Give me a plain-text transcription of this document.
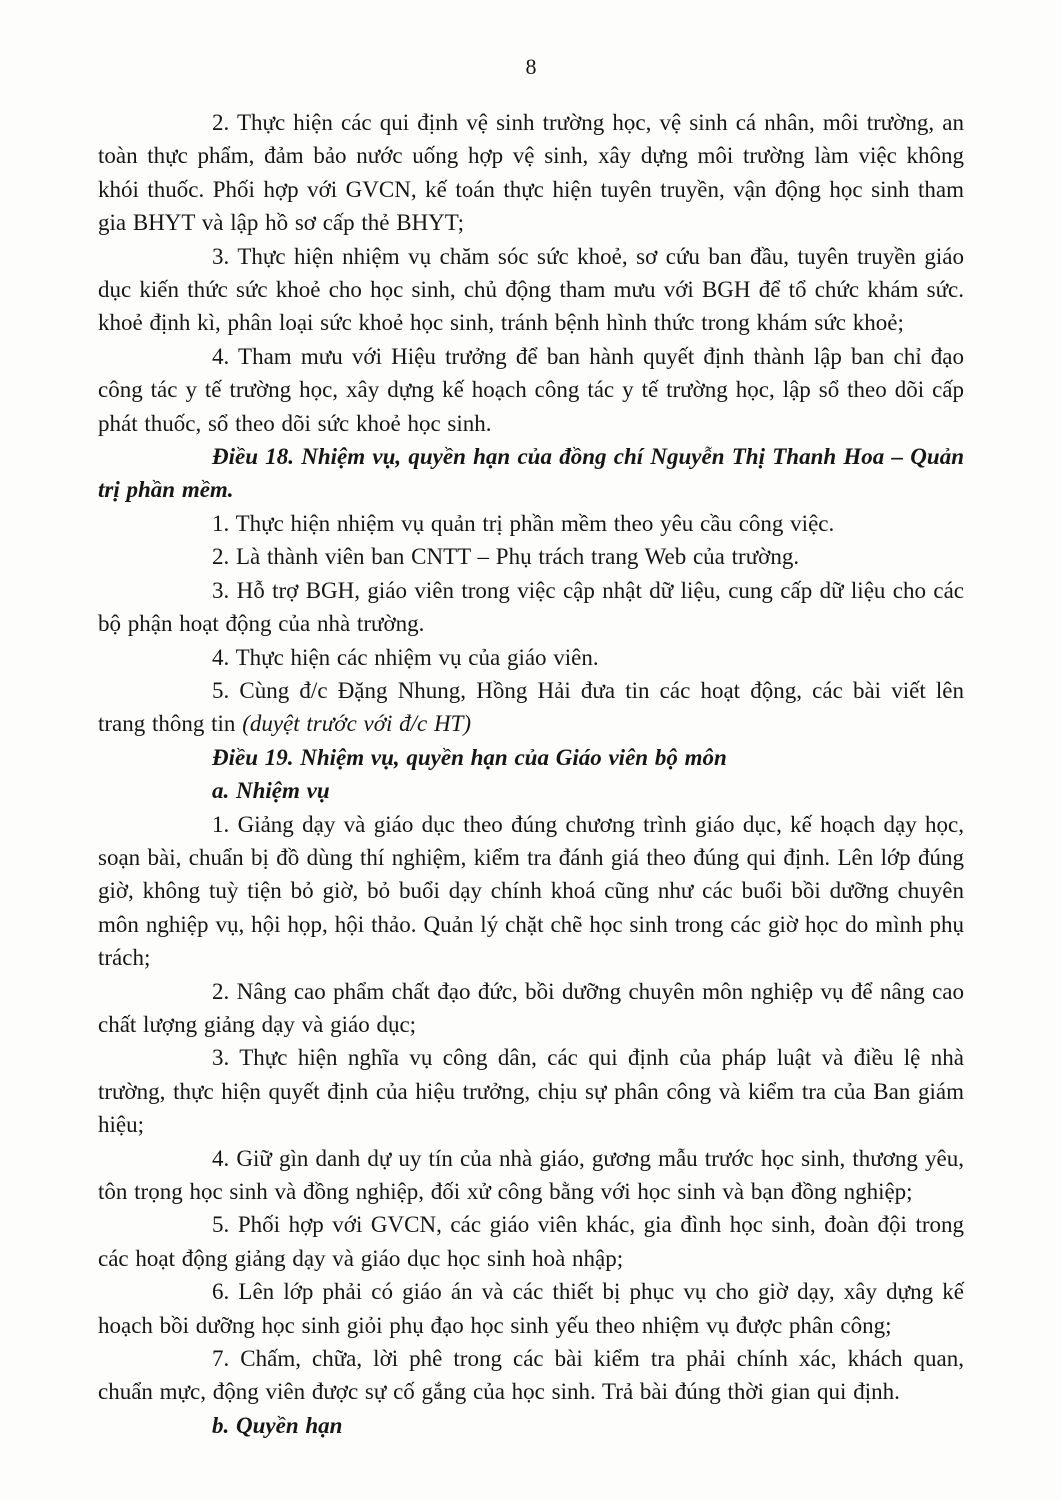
8

2. Thực hiện các qui định vệ sinh trường học, vệ sinh cá nhân, môi trường, an toàn thực phẩm, đảm bảo nước uống hợp vệ sinh, xây dựng môi trường làm việc không khói thuốc. Phối hợp với GVCN, kế toán thực hiện tuyên truyền, vận động học sinh tham gia BHYT và lập hồ sơ cấp thẻ BHYT;

3. Thực hiện nhiệm vụ chăm sóc sức khoẻ, sơ cứu ban đầu, tuyên truyền giáo dục kiến thức sức khoẻ cho học sinh, chủ động tham mưu với BGH để tổ chức khám sức. khoẻ định kì, phân loại sức khoẻ học sinh, tránh bệnh hình thức trong khám sức khoẻ;

4. Tham mưu với Hiệu trưởng để ban hành quyết định thành lập ban chỉ đạo công tác y tế trường học, xây dựng kế hoạch công tác y tế trường học, lập sổ theo dõi cấp phát thuốc, sổ theo dõi sức khoẻ học sinh.

Điều 18. Nhiệm vụ, quyền hạn của đồng chí Nguyễn Thị Thanh Hoa – Quản trị phần mềm.

1. Thực hiện nhiệm vụ quản trị phần mềm theo yêu cầu công việc.

2. Là thành viên ban CNTT – Phụ trách trang Web của trường.

3. Hỗ trợ BGH, giáo viên trong việc cập nhật dữ liệu, cung cấp dữ liệu cho các bộ phận hoạt động của nhà trường.

4. Thực hiện các nhiệm vụ của giáo viên.

5. Cùng đ/c Đặng Nhung, Hồng Hải đưa tin các hoạt động, các bài viết lên trang thông tin (duyệt trước với đ/c HT)

Điều 19. Nhiệm vụ, quyền hạn của Giáo viên bộ môn

a. Nhiệm vụ

1. Giảng dạy và giáo dục theo đúng chương trình giáo dục, kế hoạch dạy học, soạn bài, chuẩn bị đồ dùng thí nghiệm, kiểm tra đánh giá theo đúng qui định. Lên lớp đúng giờ, không tuỳ tiện bỏ giờ, bỏ buổi dạy chính khoá cũng như các buổi bồi dưỡng chuyên môn nghiệp vụ, hội họp, hội thảo. Quản lý chặt chẽ học sinh trong các giờ học do mình phụ trách;

2. Nâng cao phẩm chất đạo đức, bồi dưỡng chuyên môn nghiệp vụ để nâng cao chất lượng giảng dạy và giáo dục;

3. Thực hiện nghĩa vụ công dân, các qui định của pháp luật và điều lệ nhà trường, thực hiện quyết định của hiệu trưởng, chịu sự phân công và kiểm tra của Ban giám hiệu;

4. Giữ gìn danh dự uy tín của nhà giáo, gương mẫu trước học sinh, thương yêu, tôn trọng học sinh và đồng nghiệp, đối xử công bằng với học sinh và bạn đồng nghiệp;

5. Phối hợp với GVCN, các giáo viên khác, gia đình học sinh, đoàn đội trong các hoạt động giảng dạy và giáo dục học sinh hoà nhập;

6. Lên lớp phải có giáo án và các thiết bị phục vụ cho giờ dạy, xây dựng kế hoạch bồi dưỡng học sinh giỏi phụ đạo học sinh yếu theo nhiệm vụ được phân công;

7. Chấm, chữa, lời phê trong các bài kiểm tra phải chính xác, khách quan, chuẩn mực, động viên được sự cố gắng của học sinh. Trả bài đúng thời gian qui định.

b. Quyền hạn
